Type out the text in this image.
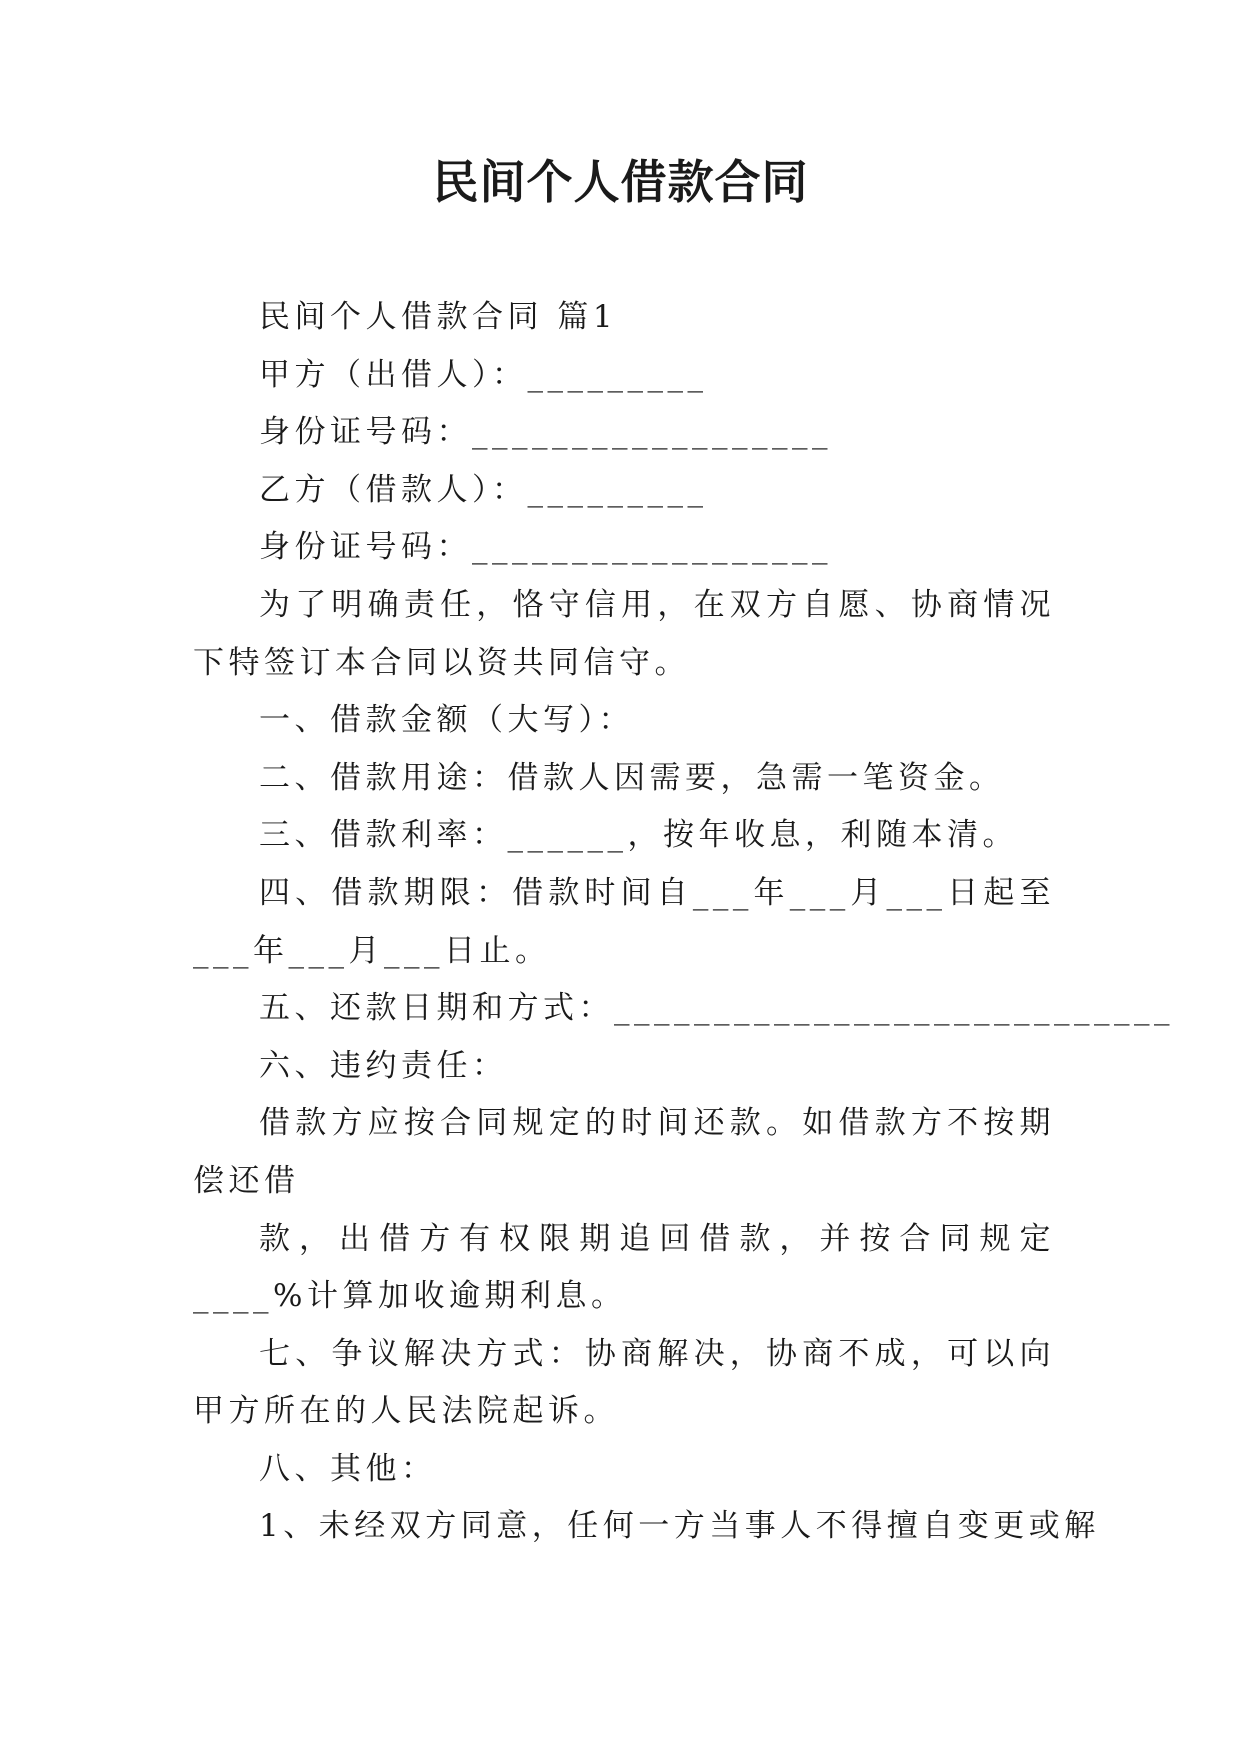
民间个人借款合同

民间个人借款合同 篇1

甲方（出借人）：_________

身份证号码：__________________

乙方（借款人）：_________

身份证号码：__________________

为了明确责任，恪守信用，在双方自愿、协商情况下特签订本合同以资共同信守。

一、借款金额（大写）：

二、借款用途：借款人因需要，急需一笔资金。

三、借款利率：______，按年收息，利随本清。

四、借款期限：借款时间自___年___月___日起至___年___月___日止。

五、还款日期和方式：____________________________

六、违约责任：

借款方应按合同规定的时间还款。如借款方不按期偿还借

款，出借方有权限期追回借款，并按合同规定____%计算加收逾期利息。

七、争议解决方式：协商解决，协商不成，可以向甲方所在的人民法院起诉。

八、其他：

1、未经双方同意，任何一方当事人不得擅自变更或解
